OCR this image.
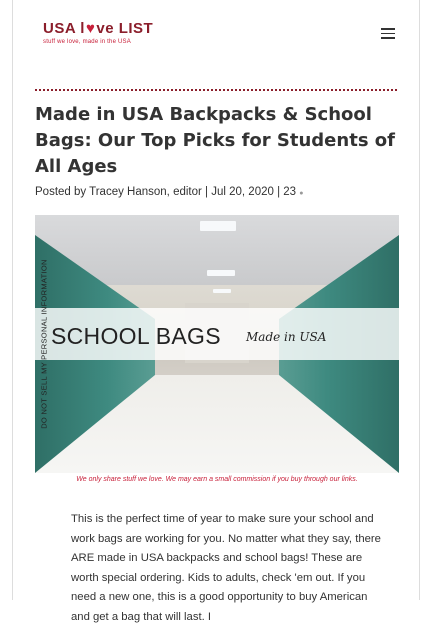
USA l ♥ ve LIST
stuff we love, made in the USA
Made in USA Backpacks & School Bags: Our Top Picks for Students of All Ages
Posted by Tracey Hanson, editor | Jul 20, 2020 | 23 ●
SCHOOL BAGS Made in USA
DO NOT SELL MY PERSONAL INFORMATION
We only share stuff we love. We may earn a small commission if you buy through our links.

This is the perfect time of year to make sure your school and work bags are working for you. No matter what they say, there ARE made in USA backpacks and school bags! These are worth special ordering. Kids to adults, check 'em out. If you need a new one, this is a good opportunity to buy American and get a bag that will last. I
